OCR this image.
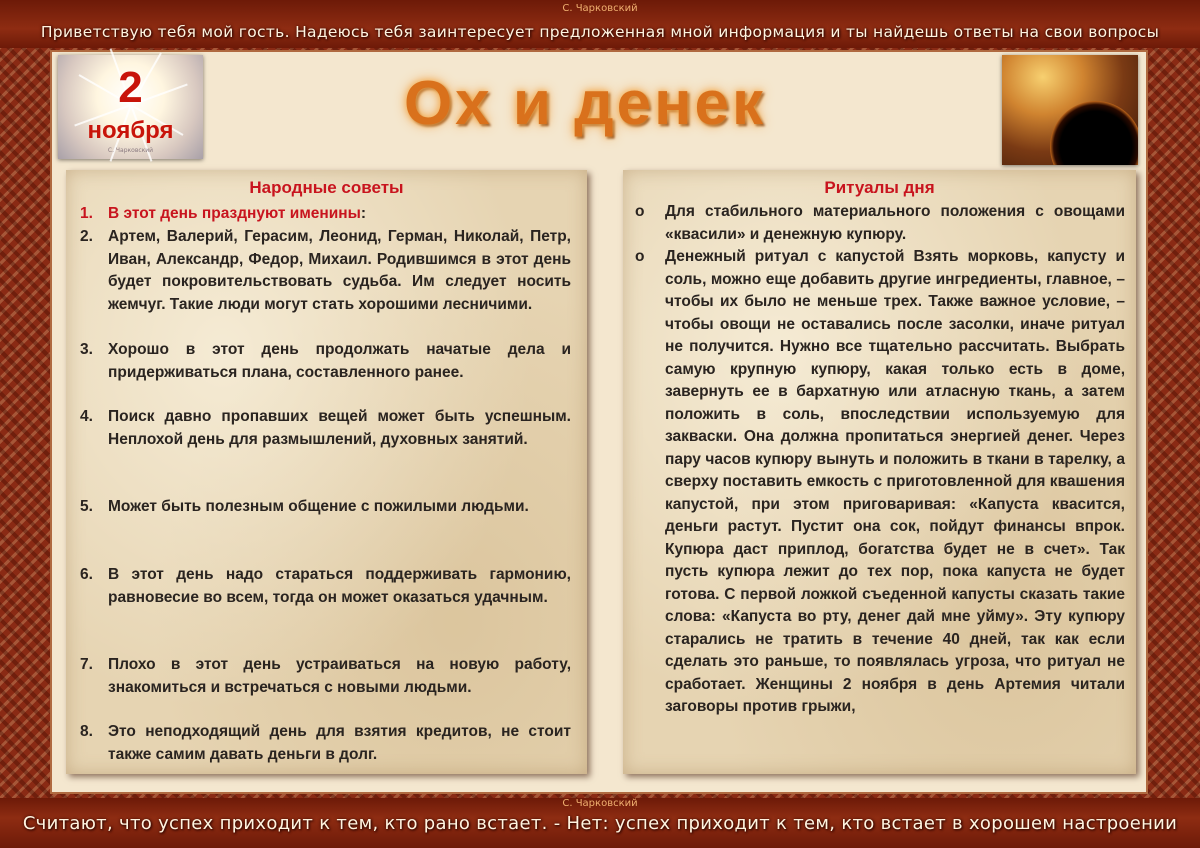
С. Чарковский
Приветствую тебя мой гость. Надеюсь тебя заинтересует предложенная мной информация и ты найдешь ответы на свои вопросы
2
ноября
С. Чарковский
Ох и денек
Народные советы
1. В этот день празднуют именины:
2. Артем, Валерий, Герасим, Леонид, Герман, Николай, Петр, Иван, Александр, Федор, Михаил. Родившимся в этот день будет покровительствовать судьба. Им следует носить жемчуг. Такие люди могут стать хорошими лесничими.
3. Хорошо в этот день продолжать начатые дела и придерживаться плана, составленного ранее.
4. Поиск давно пропавших вещей может быть успешным. Неплохой день для размышлений, духовных занятий.
5. Может быть полезным общение с пожилыми людьми.
6. В этот день надо стараться поддерживать гармонию, равновесие во всем, тогда он может оказаться удачным.
7. Плохо в этот день устраиваться на новую работу, знакомиться и встречаться с новыми людьми.
8. Это неподходящий день для взятия кредитов, не стоит также самим давать деньги в долг.
Ритуалы дня
o Для стабильного материального положения с овощами «квасили» и денежную купюру.
o Денежный ритуал с капустой Взять морковь, капусту и соль, можно еще добавить другие ингредиенты, главное, – чтобы их было не меньше трех. Также важное условие, – чтобы овощи не оставались после засолки, иначе ритуал не получится. Нужно все тщательно рассчитать. Выбрать самую крупную купюру, какая только есть в доме, завернуть ее в бархатную или атласную ткань, а затем положить в соль, впоследствии используемую для закваски. Она должна пропитаться энергией денег. Через пару часов купюру вынуть и положить в ткани в тарелку, а сверху поставить емкость с приготовленной для квашения капустой, при этом приговаривая: «Капуста квасится, деньги растут. Пустит она сок, пойдут финансы впрок. Купюра даст приплод, богатства будет не в счет». Так пусть купюра лежит до тех пор, пока капуста не будет готова. С первой ложкой съеденной капусты сказать такие слова: «Капуста во рту, денег дай мне уйму». Эту купюру старались не тратить в течение 40 дней, так как если сделать это раньше, то появлялась угроза, что ритуал не сработает. Женщины 2 ноября в день Артемия читали заговоры против грыжи,
С. Чарковский
Считают, что успех приходит к тем, кто рано встает. - Нет: успех приходит к тем, кто встает в хорошем настроении
